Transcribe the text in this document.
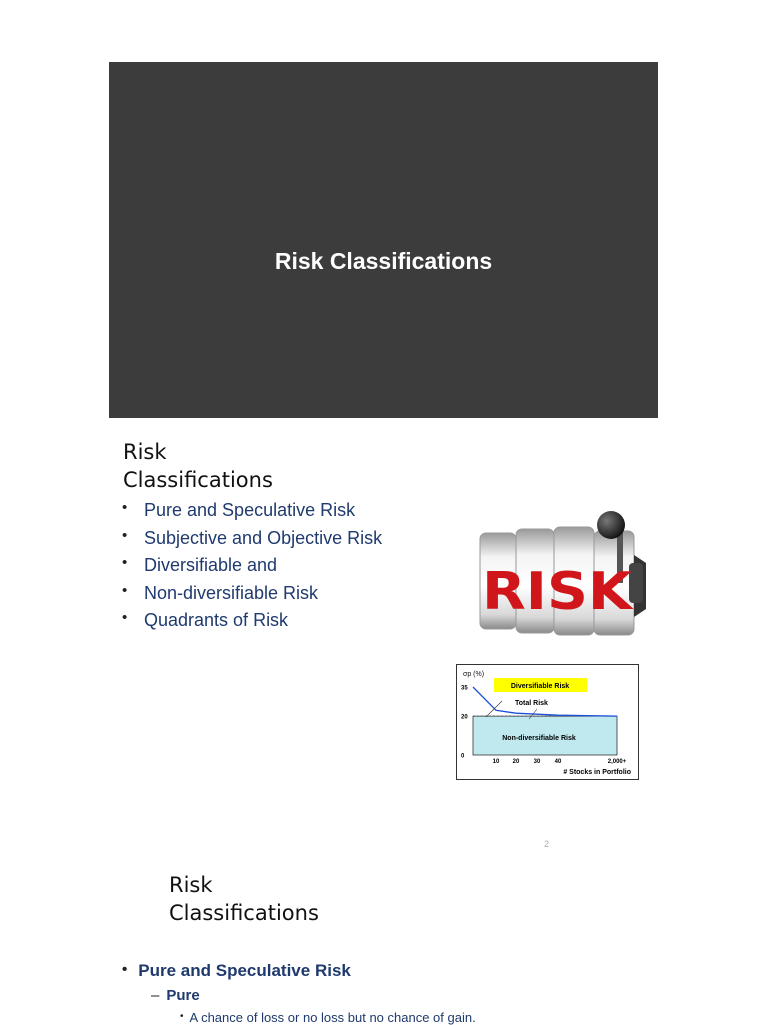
Risk Classifications
Risk
Classifications
• Pure and Speculative Risk
• Subjective and Objective Risk
• Diversifiable and
• Non-diversifiable Risk
• Quadrants of Risk	RISK
σp (%)
35
20
0
10 20 30 40	2,000+
Diversifiable Risk
Total Risk
Non-diversifiable Risk
# Stocks in Portfolio
2
Risk
Classifications
• Pure and Speculative Risk
– Pure
• A chance of loss or no loss but no chance of gain.
